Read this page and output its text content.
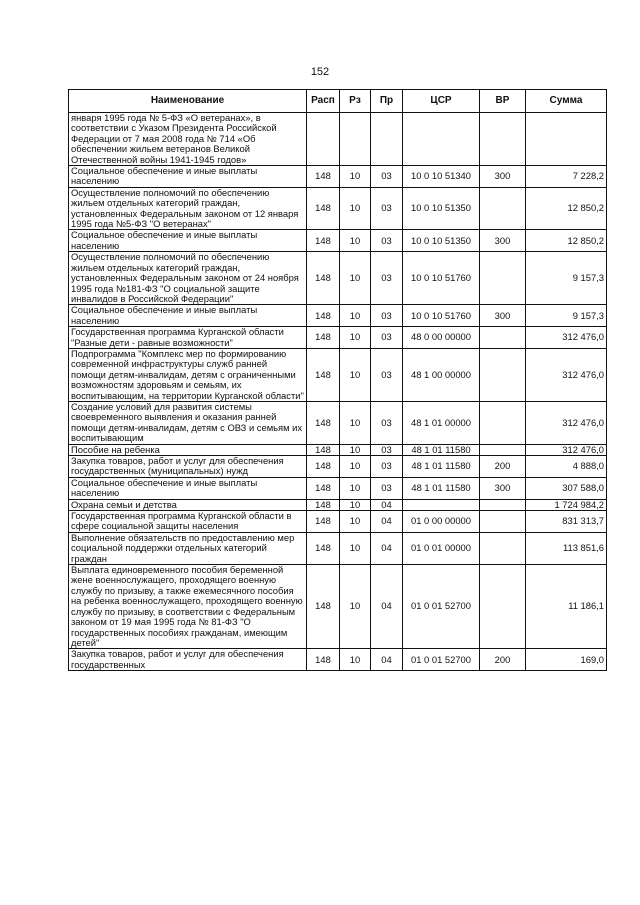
152
Наименование	Расп	Рз	Пр	ЦСР	ВР	Сумма
января 1995 года № 5-ФЗ «О ветеранах», в соответствии с Указом Президента Российской Федерации от 7 мая 2008 года № 714 «Об обеспечении жильем ветеранов Великой Отечественной войны 1941-1945 годов»						
Социальное обеспечение и иные выплаты населению	148	10	03	10 0 10 51340	300	7 228,2
Осуществление полномочий по обеспечению жильем отдельных категорий граждан, установленных Федеральным законом от 12 января 1995 года №5-ФЗ "О ветеранах"	148	10	03	10 0 10 51350		12 850,2
Социальное обеспечение и иные выплаты населению	148	10	03	10 0 10 51350	300	12 850,2
Осуществление полномочий по обеспечению жильем отдельных категорий граждан, установленных Федеральным законом от 24 ноября 1995 года №181-ФЗ "О социальной защите инвалидов в Российской Федерации"	148	10	03	10 0 10 51760		9 157,3
Социальное обеспечение и иные выплаты населению	148	10	03	10 0 10 51760	300	9 157,3
Государственная программа Курганской области "Разные дети - равные возможности"	148	10	03	48 0 00 00000		312 476,0
Подпрограмма "Комплекс мер по формированию современной инфраструктуры служб ранней помощи детям-инвалидам, детям с ограниченными возможностям здоровьям и семьям, их воспитывающим, на территории Курганской области"	148	10	03	48 1 00 00000		312 476,0
Создание условий для развития системы своевременного выявления и оказания ранней помощи детям-инвалидам, детям с ОВЗ и семьям их воспитывающим	148	10	03	48 1 01 00000		312 476,0
Пособие на ребенка	148	10	03	48 1 01 11580		312 476,0
Закупка товаров, работ и услуг для обеспечения государственных (муниципальных) нужд	148	10	03	48 1 01 11580	200	4 888,0
Социальное обеспечение и иные выплаты населению	148	10	03	48 1 01 11580	300	307 588,0
Охрана семьи и детства	148	10	04			1 724 984,2
Государственная программа Курганской области в сфере социальной защиты населения	148	10	04	01 0 00 00000		831 313,7
Выполнение обязательств по предоставлению мер социальной поддержки отдельных категорий граждан	148	10	04	01 0 01 00000		113 851,6
Выплата единовременного пособия беременной жене военнослужащего, проходящего военную службу по призыву, а также ежемесячного пособия на ребенка военнослужащего, проходящего военную службу по призыву, в соответствии с Федеральным законом от 19 мая 1995 года № 81-ФЗ "О государственных пособиях гражданам, имеющим детей"	148	10	04	01 0 01 52700		11 186,1
Закупка товаров, работ и услуг для обеспечения государственных	148	10	04	01 0 01 52700	200	169,0
